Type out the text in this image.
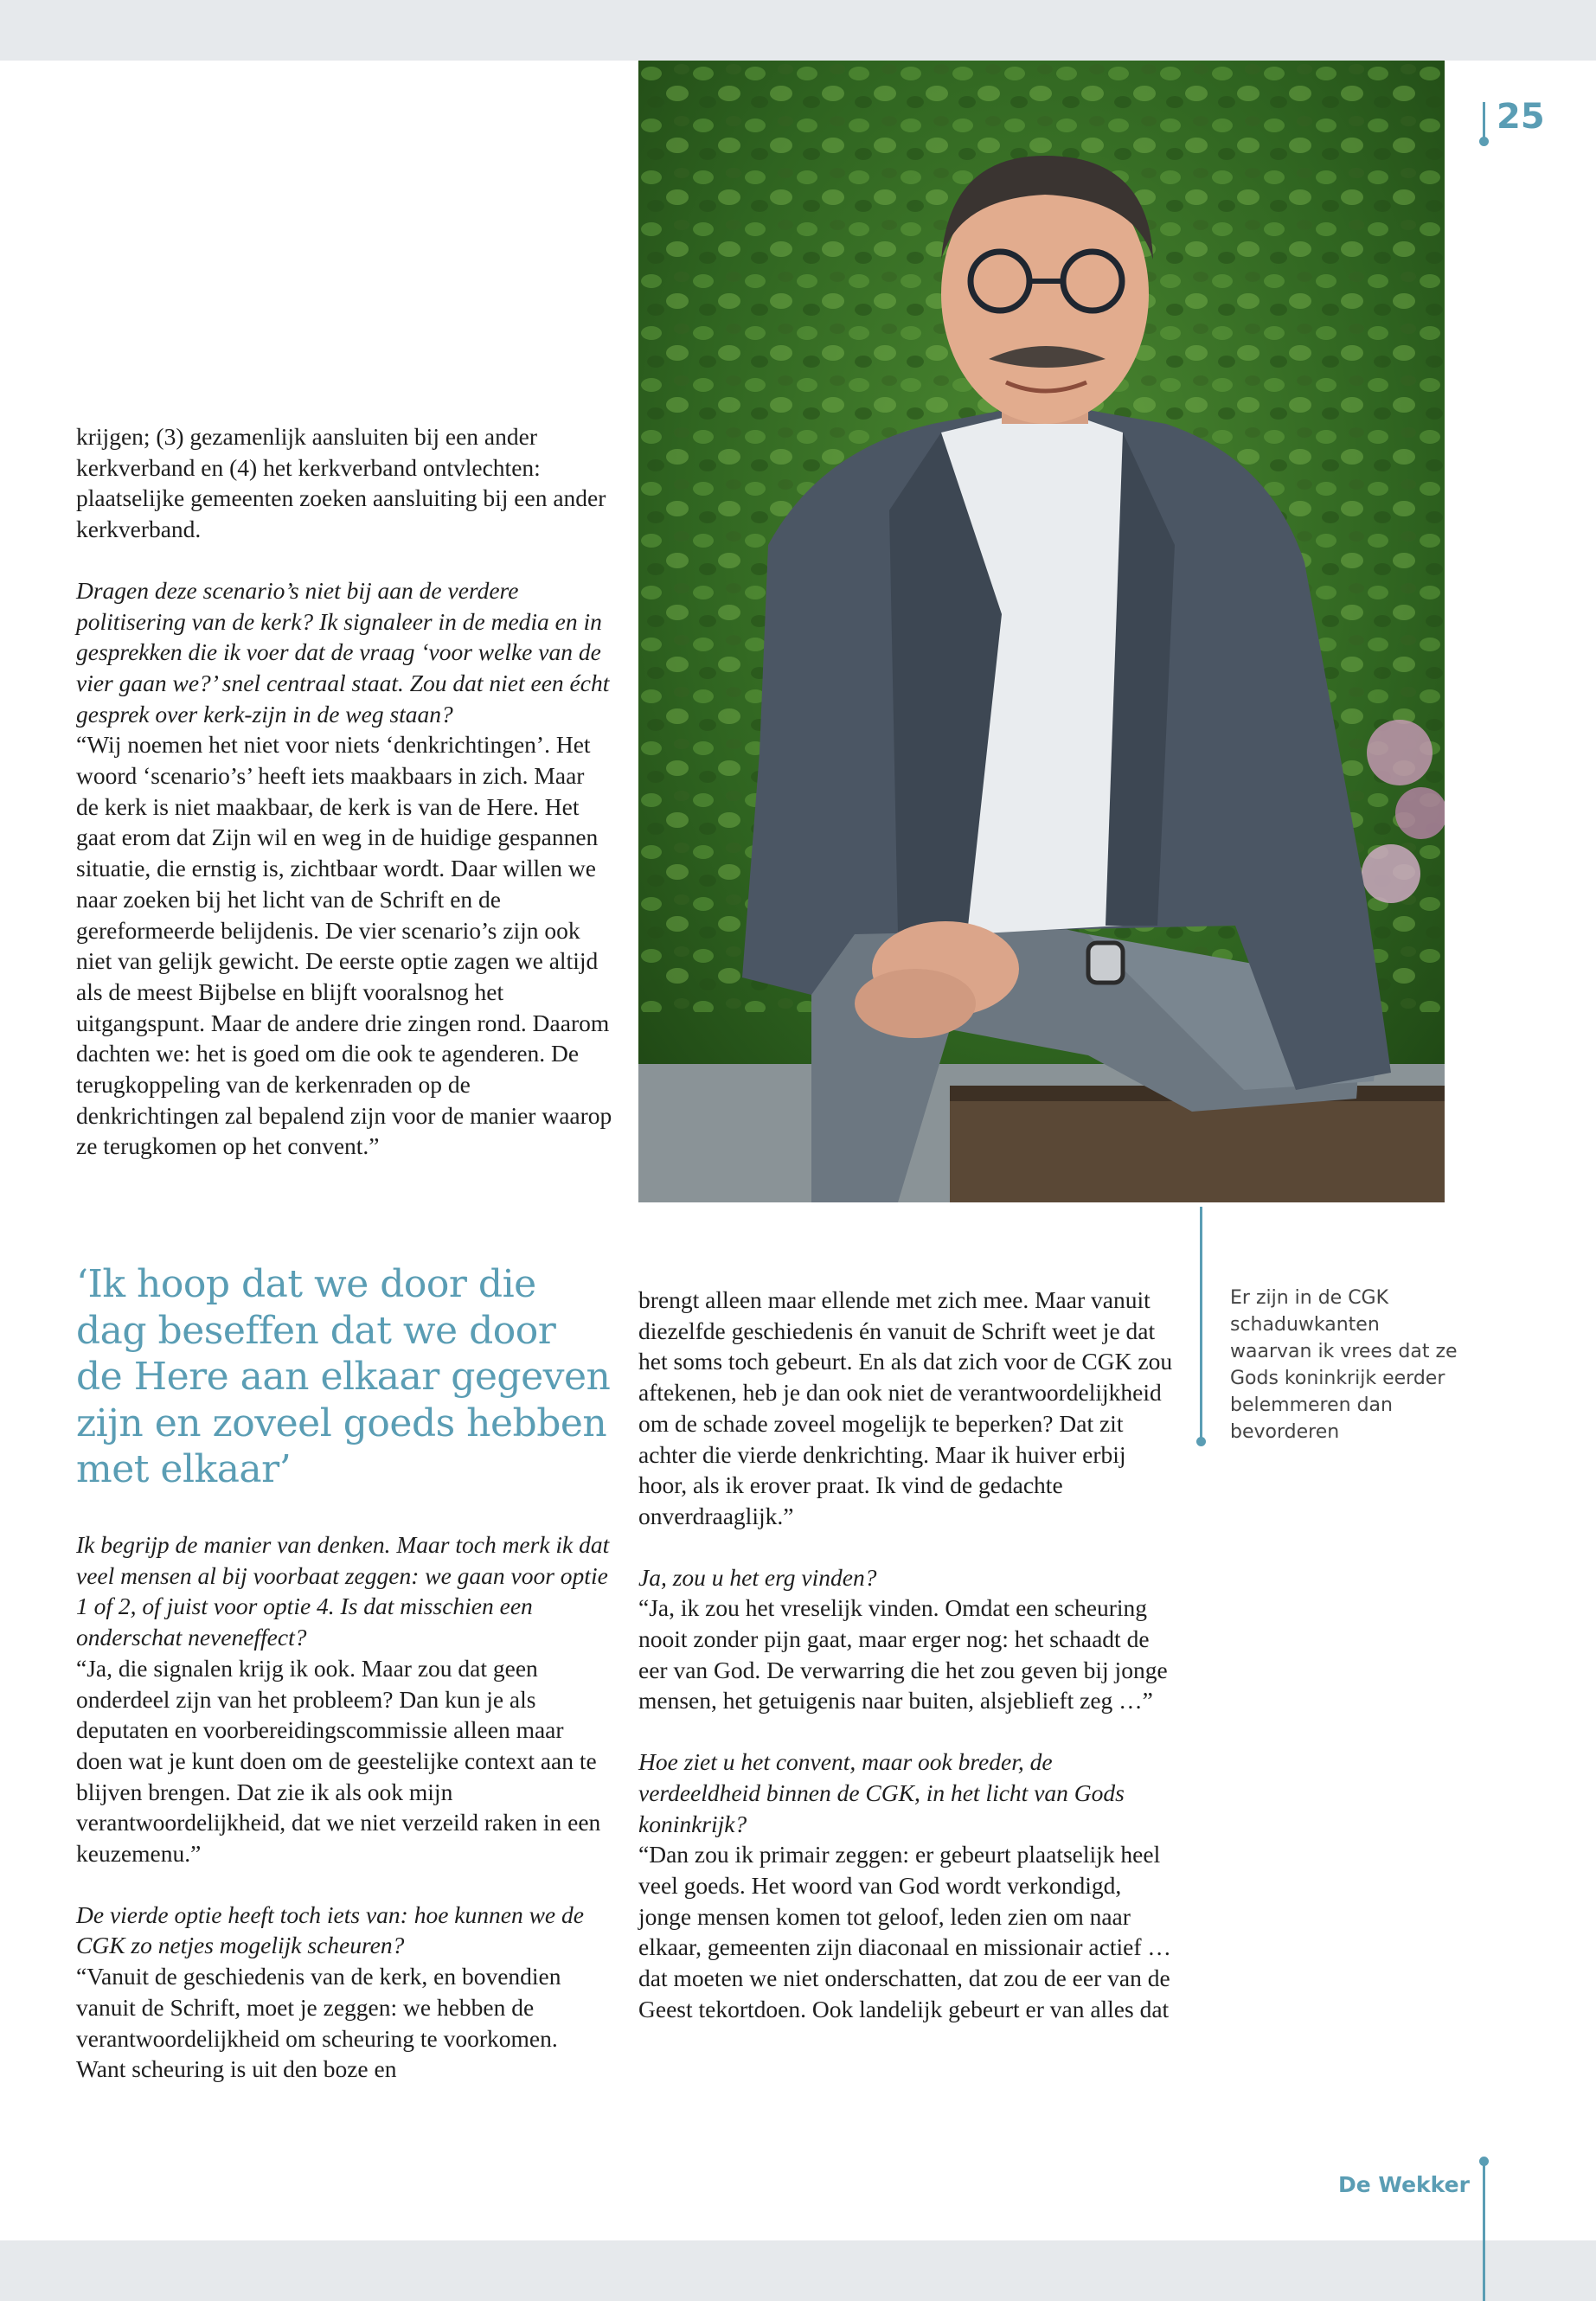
25

krijgen; (3) gezamenlijk aansluiten bij een ander kerkverband en (4) het kerkverband ontvlechten: plaatselijke gemeenten zoeken aansluiting bij een ander kerkverband.

Dragen deze scenario’s niet bij aan de verdere politisering van de kerk? Ik signaleer in de media en in gesprekken die ik voer dat de vraag ‘voor welke van de vier gaan we?’ snel centraal staat. Zou dat niet een écht gesprek over kerk-zijn in de weg staan?

“Wij noemen het niet voor niets ‘denkrichtingen’. Het woord ‘scenario’s’ heeft iets maakbaars in zich. Maar de kerk is niet maakbaar, de kerk is van de Here. Het gaat erom dat Zijn wil en weg in de huidige gespannen situatie, die ernstig is, zichtbaar wordt. Daar willen we naar zoeken bij het licht van de Schrift en de gereformeerde belijdenis. De vier scenario’s zijn ook niet van gelijk gewicht. De eerste optie zagen we altijd als de meest Bijbelse en blijft vooralsnog het uitgangspunt. Maar de andere drie zingen rond. Daarom dachten we: het is goed om die ook te agenderen. De terugkoppeling van de kerkenraden op de denkrichtingen zal bepalend zijn voor de manier waarop ze terugkomen op het convent.”

‘Ik hoop dat we door die dag beseffen dat we door de Here aan elkaar gegeven zijn en zoveel goeds hebben met elkaar’

Ik begrijp de manier van denken. Maar toch merk ik dat veel mensen al bij voorbaat zeggen: we gaan voor optie 1 of 2, of juist voor optie 4. Is dat misschien een onderschat neveneffect?

“Ja, die signalen krijg ik ook. Maar zou dat geen onderdeel zijn van het probleem? Dan kun je als deputaten en voorbereidingscommissie alleen maar doen wat je kunt doen om de geestelijke context aan te blijven brengen. Dat zie ik als ook mijn verantwoordelijkheid, dat we niet verzeild raken in een keuzemenu.”

De vierde optie heeft toch iets van: hoe kunnen we de CGK zo netjes mogelijk scheuren?

“Vanuit de geschiedenis van de kerk, en bovendien vanuit de Schrift, moet je zeggen: we hebben de verantwoordelijkheid om scheuring te voorkomen. Want scheuring is uit den boze en

brengt alleen maar ellende met zich mee. Maar vanuit diezelfde geschiedenis én vanuit de Schrift weet je dat het soms toch gebeurt. En als dat zich voor de CGK zou aftekenen, heb je dan ook niet de verantwoordelijkheid om de schade zoveel mogelijk te beperken? Dat zit achter die vierde denkrichting. Maar ik huiver erbij hoor, als ik erover praat. Ik vind de gedachte onverdraaglijk.”

Ja, zou u het erg vinden?

“Ja, ik zou het vreselijk vinden. Omdat een scheuring nooit zonder pijn gaat, maar erger nog: het schaadt de eer van God. De verwarring die het zou geven bij jonge mensen, het getuigenis naar buiten, alsjeblieft zeg …”

Hoe ziet u het convent, maar ook breder, de verdeeldheid binnen de CGK, in het licht van Gods koninkrijk?

“Dan zou ik primair zeggen: er gebeurt plaatselijk heel veel goeds. Het woord van God wordt verkondigd, jonge mensen komen tot geloof, leden zien om naar elkaar, gemeenten zijn diaconaal en missionair actief … dat moeten we niet onderschatten, dat zou de eer van de Geest tekortdoen. Ook landelijk gebeurt er van alles dat

Er zijn in de CGK schaduwkanten waarvan ik vrees dat ze Gods koninkrijk eerder belemmeren dan bevorderen
De Wekker
